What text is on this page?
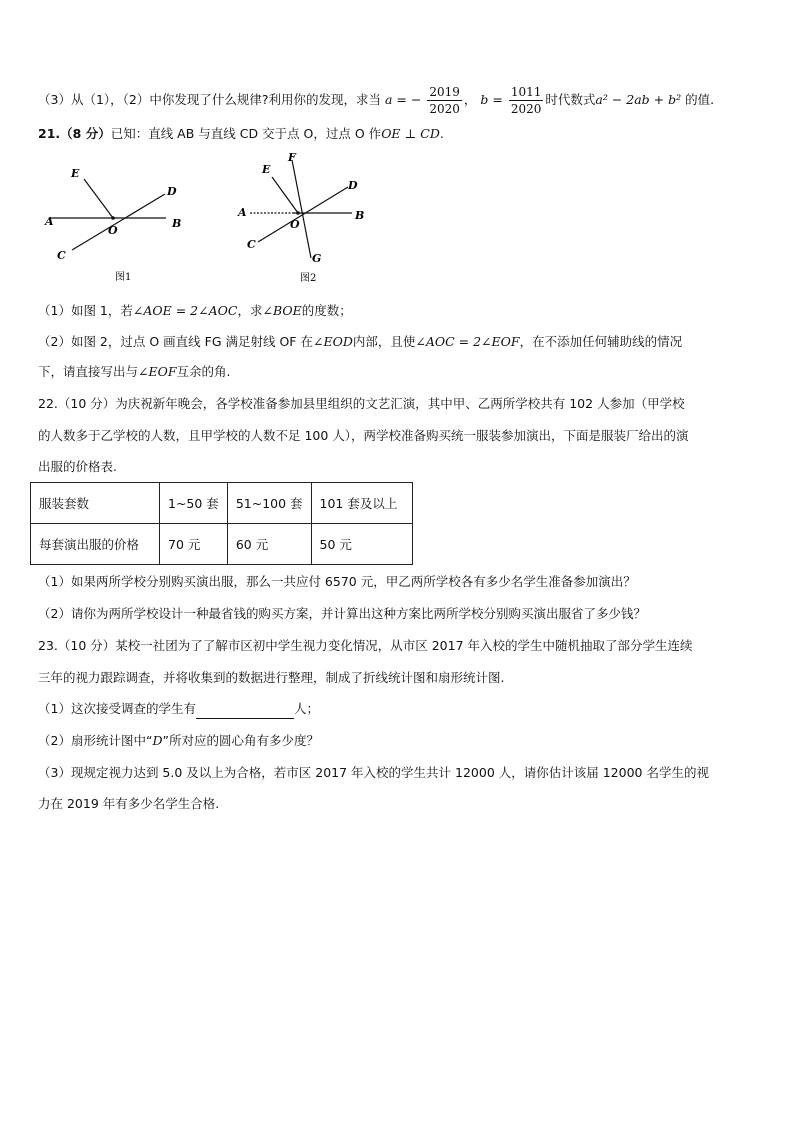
（3）从（1），（2）中你发现了什么规律?利用你的发现，求当 a = − $\frac{2019}{2020}$ ， $b = \frac{1011}{2020}$ 时代数式a² − 2ab + b² 的值.
21.（8 分）已知：直线 AB 与直线 CD 交于点 O，过点 O 作OE ⊥ CD.
E
D
A	B
O
C
图1
F
E
D
A	B
O
C
G
图2
（1）如图 1，若∠AOE = 2∠AOC，求∠BOE的度数；
（2）如图 2，过点 O 画直线 FG 满足射线 OF 在∠EOD内部，且使∠AOC = 2∠EOF，在不添加任何辅助线的情况
下，请直接写出与∠EOF互余的角.
22.（10 分）为庆祝新年晚会，各学校准备参加县里组织的文艺汇演，其中甲、乙两所学校共有 102 人参加（甲学校
的人数多于乙学校的人数，且甲学校的人数不足 100 人），两学校准备购买统一服装参加演出，下面是服装厂给出的演
出服的价格表.
服装套数	1~50 套	51~100 套	101 套及以上
每套演出服的价格	70 元	60 元	50 元
（1）如果两所学校分别购买演出服，那么一共应付 6570 元，甲乙两所学校各有多少名学生准备参加演出？
（2）请你为两所学校设计一种最省钱的购买方案，并计算出这种方案比两所学校分别购买演出服省了多少钱？
23.（10 分）某校一社团为了了解市区初中学生视力变化情况，从市区 2017 年入校的学生中随机抽取了部分学生连续
三年的视力跟踪调查，并将收集到的数据进行整理，制成了折线统计图和扇形统计图.
（1）这次接受调查的学生有	人；
（2）扇形统计图中“D”所对应的圆心角有多少度？
（3）现规定视力达到 5.0 及以上为合格，若市区 2017 年入校的学生共计 12000 人，请你估计该届 12000 名学生的视
力在 2019 年有多少名学生合格.
